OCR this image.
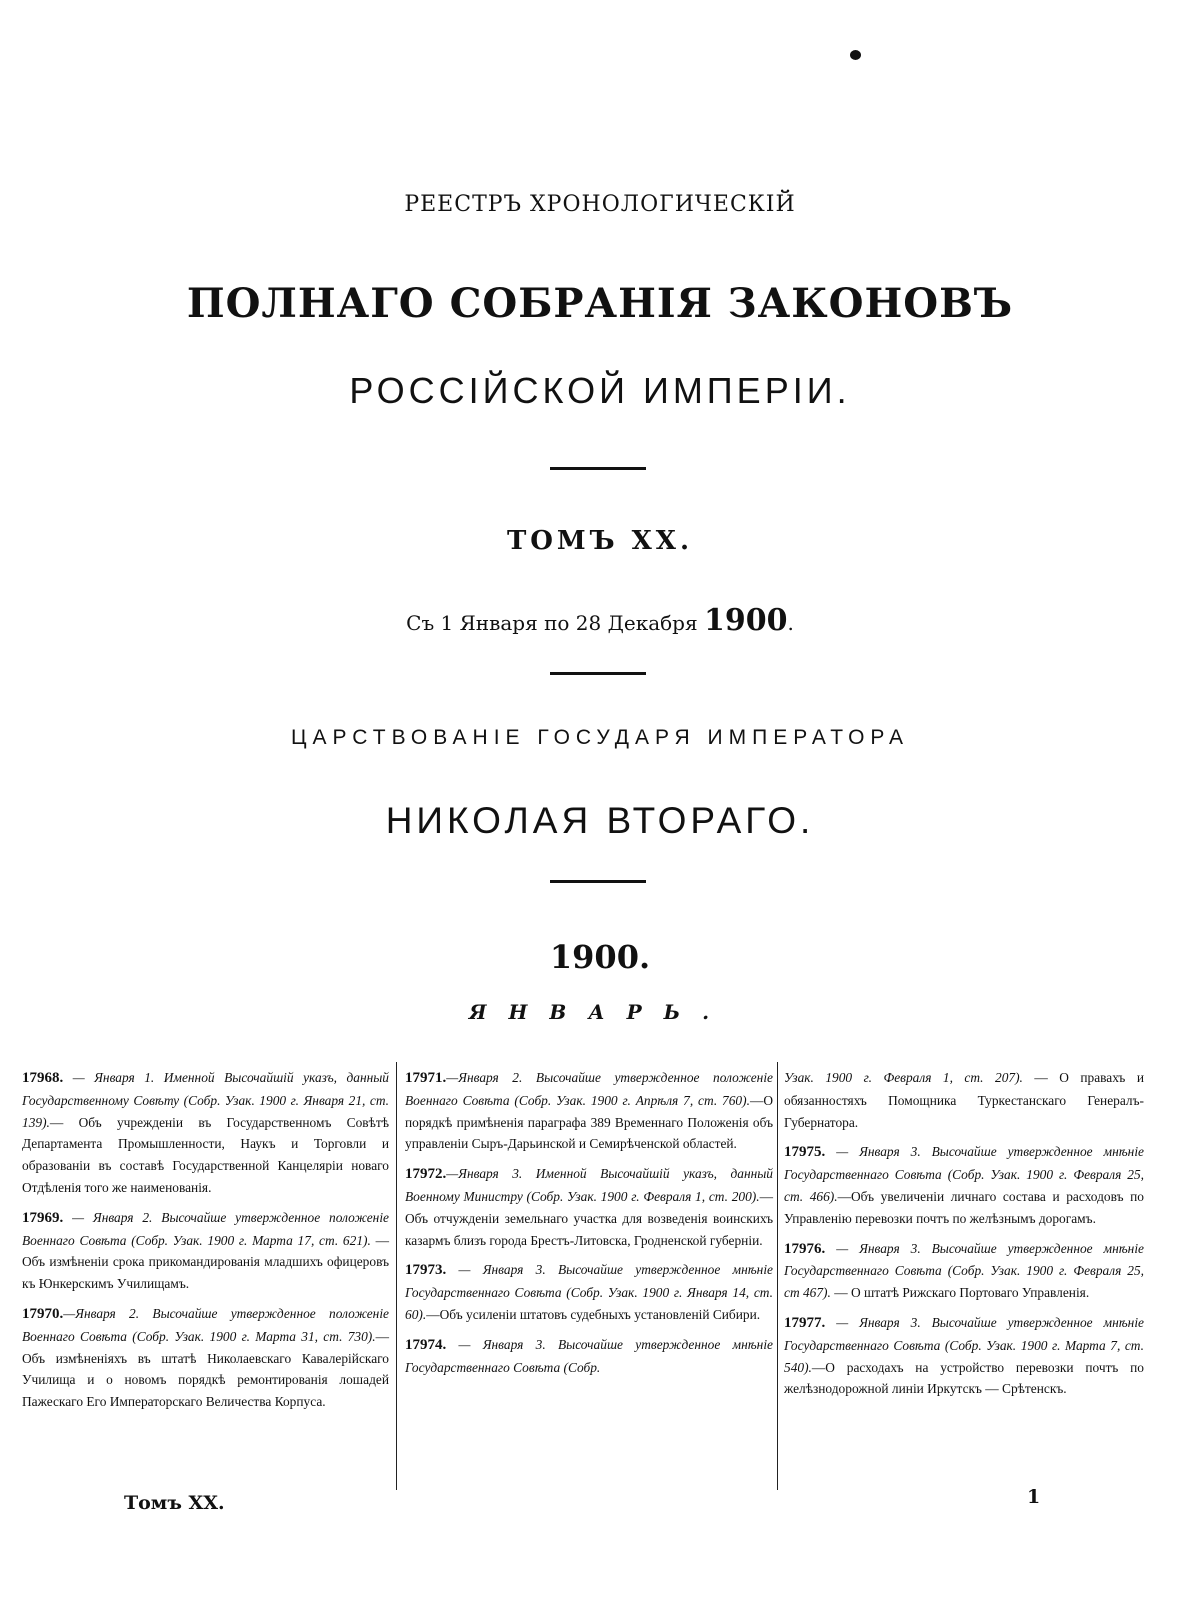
РЕЕСТРЪ ХРОНОЛОГИЧЕСКІЙ
ПОЛНАГО СОБРАНІЯ ЗАКОНОВЪ
РОССІЙСКОЙ ИМПЕРІИ.
ТОМЪ XX.
Съ 1 Января по 28 Декабря 1900.
ЦАРСТВОВАНІЕ ГОСУДАРЯ ИМПЕРАТОРА
НИКОЛАЯ ВТОРАГО.
1900.
ЯНВАРЬ.

17968. — Января 1. Именной Высочайшій указъ, данный Государственному Совѣту (Собр. Узак. 1900 г. Января 21, ст. 139).— Объ учрежденіи въ Государственномъ Совѣтѣ Департамента Промышленности, Наукъ и Торговли и образованіи въ составѣ Государственной Канцеляріи новаго Отдѣленія того же наименованія.

17969. — Января 2. Высочайше утвержденное положеніе Военнаго Совѣта (Собр. Узак. 1900 г. Марта 17, ст. 621). — Объ измѣненіи срока прикомандированія младшихъ офицеровъ къ Юнкерскимъ Училищамъ.

17970.—Января 2. Высочайше утвержденное положеніе Военнаго Совѣта (Собр. Узак. 1900 г. Марта 31, ст. 730).—Объ измѣненіяхъ въ штатѣ Николаевскаго Кавалерійскаго Училища и о новомъ порядкѣ ремонтированія лошадей Пажескаго Его Императорскаго Величества Корпуса.

17971.—Января 2. Высочайше утвержденное положеніе Военнаго Совѣта (Собр. Узак. 1900 г. Апрѣля 7, ст. 760).—О порядкѣ примѣненія параграфа 389 Временнаго Положенія объ управленіи Сыръ-Дарьинской и Семирѣченской областей.

17972.—Января 3. Именной Высочайшій указъ, данный Военному Министру (Собр. Узак. 1900 г. Февраля 1, ст. 200).—Объ отчужденіи земельнаго участка для возведенія воинскихъ казармъ близъ города Брестъ-Литовска, Гродненской губерніи.

17973. — Января 3. Высочайше утвержденное мнѣніе Государственнаго Совѣта (Собр. Узак. 1900 г. Января 14, ст. 60).—Объ усиленіи штатовъ судебныхъ установленій Сибири.

17974. — Января 3. Высочайше утвержденное мнѣніе Государственнаго Совѣта (Собр.

Узак. 1900 г. Февраля 1, ст. 207). — О правахъ и обязанностяхъ Помощника Туркестанскаго Генералъ-Губернатора.

17975. — Января 3. Высочайше утвержденное мнѣніе Государственнаго Совѣта (Собр. Узак. 1900 г. Февраля 25, ст. 466).—Объ увеличеніи личнаго состава и расходовъ по Управленію перевозки почтъ по желѣзнымъ дорогамъ.

17976. — Января 3. Высочайше утвержденное мнѣніе Государственнаго Совѣта (Собр. Узак. 1900 г. Февраля 25, ст 467). — О штатѣ Рижскаго Портоваго Управленія.

17977. — Января 3. Высочайше утвержденное мнѣніе Государственнаго Совѣта (Собр. Узак. 1900 г. Марта 7, ст. 540).—О расходахъ на устройство перевозки почтъ по желѣзнодорожной линіи Иркутскъ — Срѣтенскъ.

Томъ XX.	1
